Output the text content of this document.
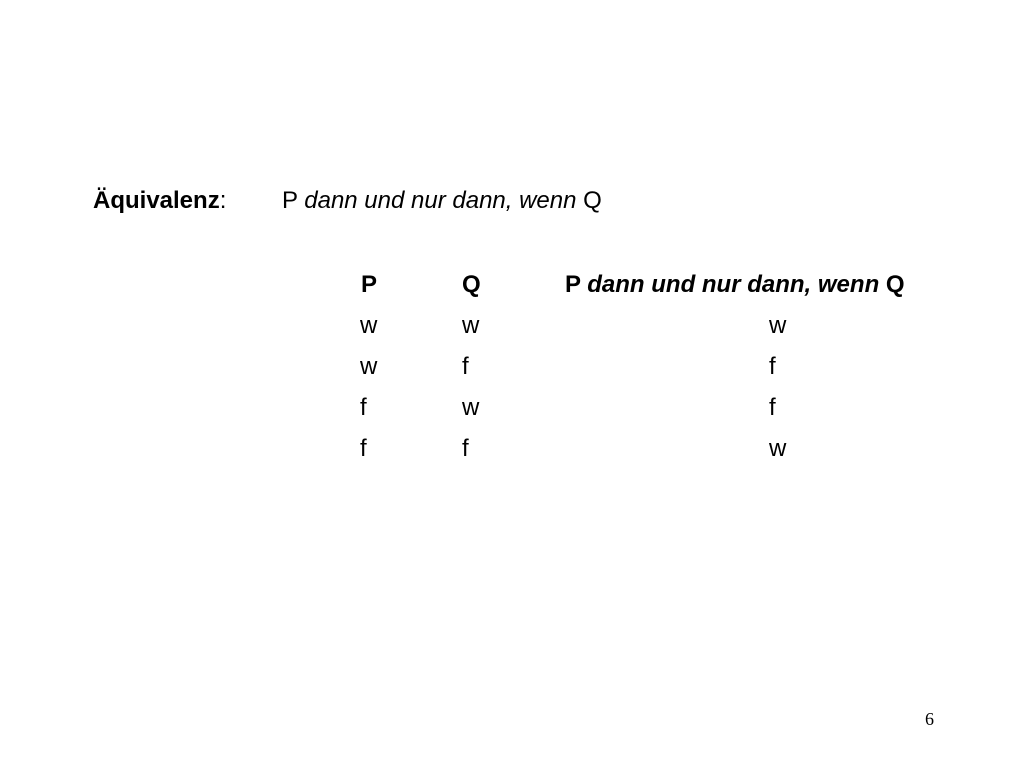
Äquivalenz: P dann und nur dann, wenn Q
P	Q	P dann und nur dann, wenn Q
w	w	w
w	f	f
f	w	f
f	f	w
6
